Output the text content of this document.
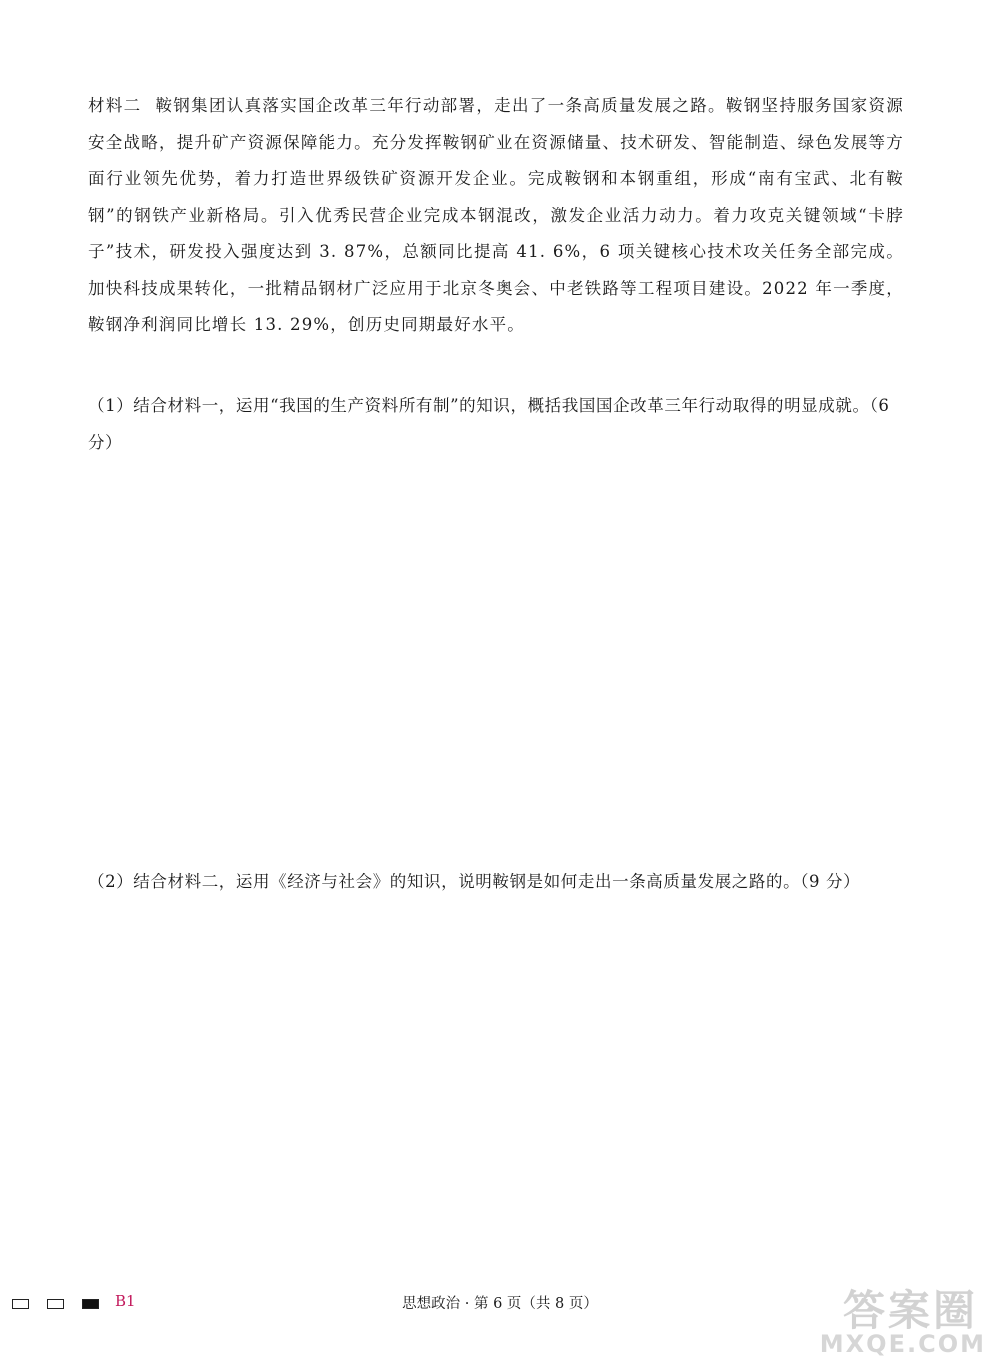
材料二 鞍钢集团认真落实国企改革三年行动部署，走出了一条高质量发展之路。鞍钢坚持服务国家资源安全战略，提升矿产资源保障能力。充分发挥鞍钢矿业在资源储量、技术研发、智能制造、绿色发展等方面行业领先优势，着力打造世界级铁矿资源开发企业。完成鞍钢和本钢重组，形成“南有宝武、北有鞍钢”的钢铁产业新格局。引入优秀民营企业完成本钢混改，激发企业活力动力。着力攻克关键领域“卡脖子”技术，研发投入强度达到 3. 87%，总额同比提高 41. 6%，6 项关键核心技术攻关任务全部完成。加快科技成果转化，一批精品钢材广泛应用于北京冬奥会、中老铁路等工程项目建设。2022 年一季度，鞍钢净利润同比增长 13. 29%，创历史同期最好水平。

（1）结合材料一，运用“我国的生产资料所有制”的知识，概括我国国企改革三年行动取得的明显成就。（6 分）

（2）结合材料二，运用《经济与社会》的知识，说明鞍钢是如何走出一条高质量发展之路的。（9 分）

B1	思想政治 · 第 6 页（共 8 页）	答案圈
MXQE.COM
